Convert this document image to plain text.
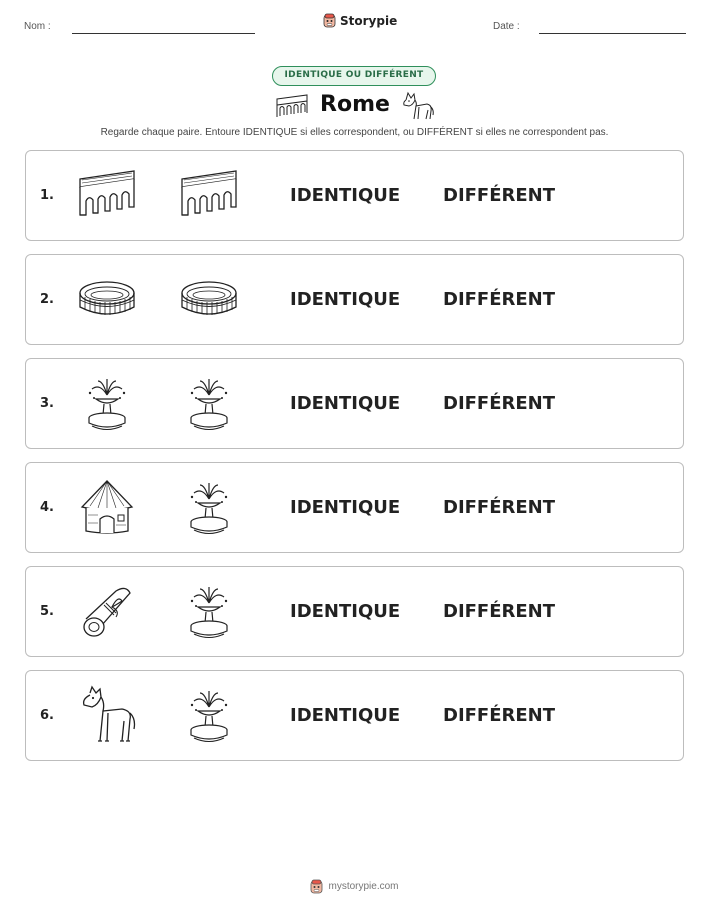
Nom :	Storypie	Date :
IDENTIQUE OU DIFFÉRENT
Rome
Regarde chaque paire. Entoure IDENTIQUE si elles correspondent, ou DIFFÉRENT si elles ne correspondent pas.
1.	IDENTIQUE DIFFÉRENT
2.	IDENTIQUE DIFFÉRENT
3.	IDENTIQUE DIFFÉRENT
4.	IDENTIQUE DIFFÉRENT
5.	IDENTIQUE DIFFÉRENT
6.	IDENTIQUE DIFFÉRENT
mystorypie.com
